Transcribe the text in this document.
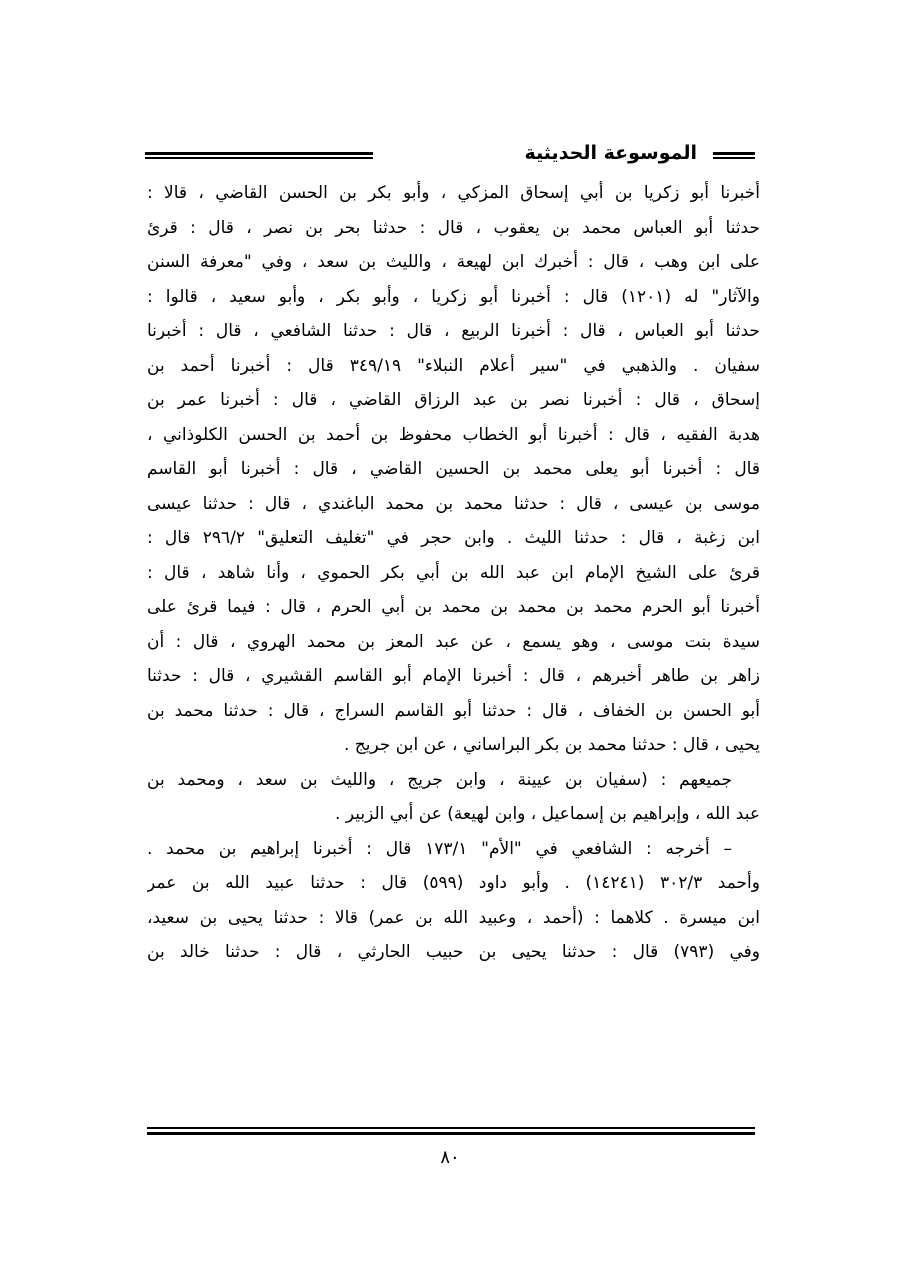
الموسوعة الحديثية
أخبرنا أبو زكريا بن أبي إسحاق المزكي ، وأبو بكر بن الحسن القاضي ، قالا :
حدثنا أبو العباس محمد بن يعقوب ، قال : حدثنا بحر بن نصر ، قال : قرئ
على ابن وهب ، قال : أخبرك ابن لهيعة ، والليث بن سعد ، وفي "معرفة السنن
والآثار" له (١٢٠١) قال : أخبرنا أبو زكريا ، وأبو بكر ، وأبو سعيد ، قالوا :
حدثنا أبو العباس ، قال : أخبرنا الربيع ، قال : حدثنا الشافعي ، قال : أخبرنا
سفيان . والذهبي في "سير أعلام النبلاء" ٣٤٩/١٩ قال : أخبرنا أحمد بن
إسحاق ، قال : أخبرنا نصر بن عبد الرزاق القاضي ، قال : أخبرنا عمر بن
هدبة الفقيه ، قال : أخبرنا أبو الخطاب محفوظ بن أحمد بن الحسن الكلوذاني ،
قال : أخبرنا أبو يعلى محمد بن الحسين القاضي ، قال : أخبرنا أبو القاسم
موسى بن عيسى ، قال : حدثنا محمد بن محمد الباغندي ، قال : حدثنا عيسى
ابن زغبة ، قال : حدثنا الليث . وابن حجر في "تغليف التعليق" ٢٩٦/٢ قال :
قرئ على الشيخ الإمام ابن عبد الله بن أبي بكر الحموي ، وأنا شاهد ، قال :
أخبرنا أبو الحرم محمد بن محمد بن محمد بن أبي الحرم ، قال : فيما قرئ على
سيدة بنت موسى ، وهو يسمع ، عن عبد المعز بن محمد الهروي ، قال : أن
زاهر بن طاهر أخبرهم ، قال : أخبرنا الإمام أبو القاسم القشيري ، قال : حدثنا
أبو الحسن بن الخفاف ، قال : حدثنا أبو القاسم السراج ، قال : حدثنا محمد بن
يحيى ، قال : حدثنا محمد بن بكر البراساني ، عن ابن جريج .
جميعهم : (سفيان بن عيينة ، وابن جريج ، والليث بن سعد ، ومحمد بن
عبد الله ، وإبراهيم بن إسماعيل ، وابن لهيعة) عن أبي الزبير .
– أخرجه : الشافعي في "الأم" ١٧٣/١ قال : أخبرنا إبراهيم بن محمد .
وأحمد ٣٠٢/٣ (١٤٢٤١) . وأبو داود (٥٩٩) قال : حدثنا عبيد الله بن عمر
ابن ميسرة . كلاهما : (أحمد ، وعبيد الله بن عمر) قالا : حدثنا يحيى بن سعيد،
وفي (٧٩٣) قال : حدثنا يحيى بن حبيب الحارثي ، قال : حدثنا خالد بن
٨٠
